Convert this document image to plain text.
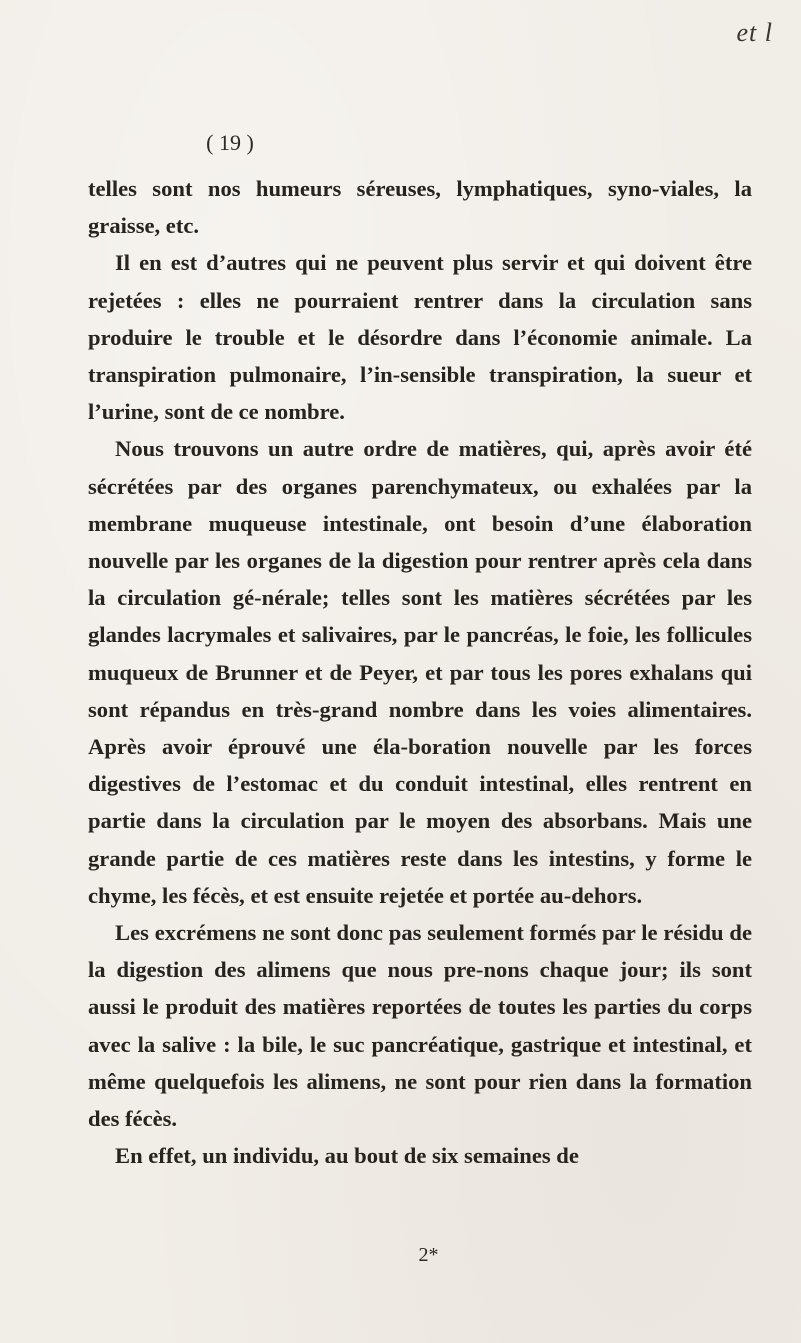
et l
( 19 )

telles sont nos humeurs séreuses, lymphatiques, syno-viales, la graisse, etc.

Il en est d’autres qui ne peuvent plus servir et qui doivent être rejetées : elles ne pourraient rentrer dans la circulation sans produire le trouble et le désordre dans l’économie animale. La transpiration pulmonaire, l’in-sensible transpiration, la sueur et l’urine, sont de ce nombre.

Nous trouvons un autre ordre de matières, qui, après avoir été sécrétées par des organes parenchymateux, ou exhalées par la membrane muqueuse intestinale, ont besoin d’une élaboration nouvelle par les organes de la digestion pour rentrer après cela dans la circulation gé-nérale; telles sont les matières sécrétées par les glandes lacrymales et salivaires, par le pancréas, le foie, les follicules muqueux de Brunner et de Peyer, et par tous les pores exhalans qui sont répandus en très-grand nombre dans les voies alimentaires. Après avoir éprouvé une éla-boration nouvelle par les forces digestives de l’estomac et du conduit intestinal, elles rentrent en partie dans la circulation par le moyen des absorbans. Mais une grande partie de ces matières reste dans les intestins, y forme le chyme, les fécès, et est ensuite rejetée et portée au-dehors.

Les excrémens ne sont donc pas seulement formés par le résidu de la digestion des alimens que nous pre-nons chaque jour; ils sont aussi le produit des matières reportées de toutes les parties du corps avec la salive : la bile, le suc pancréatique, gastrique et intestinal, et même quelquefois les alimens, ne sont pour rien dans la formation des fécès.

En effet, un individu, au bout de six semaines de

2*
